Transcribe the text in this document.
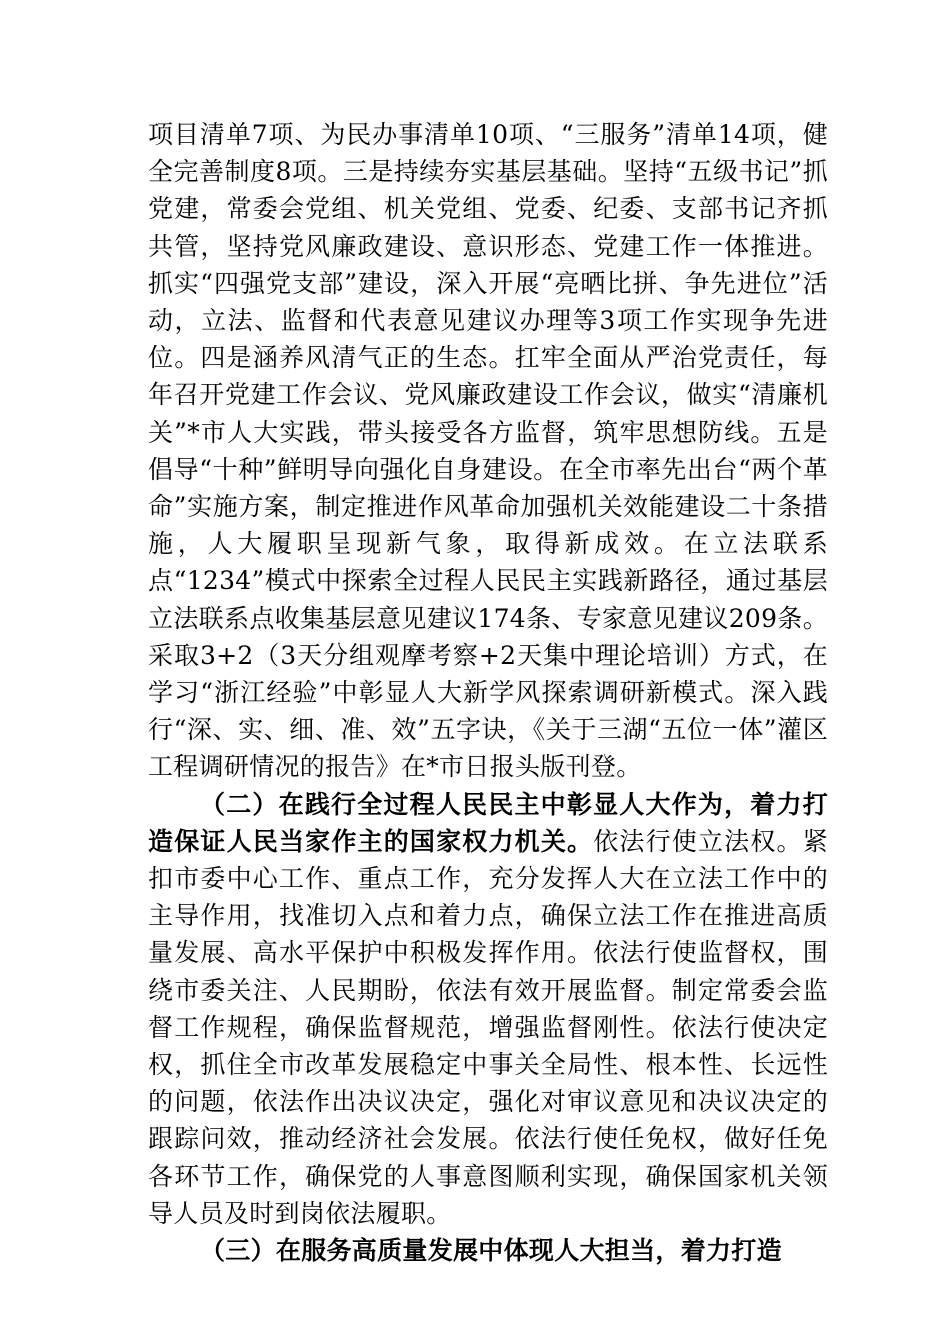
项目清单7项、为民办事清单10项、“三服务”清单14项，健全完善制度8项。三是持续夯实基层基础。坚持“五级书记”抓党建，常委会党组、机关党组、党委、纪委、支部书记齐抓共管，坚持党风廉政建设、意识形态、党建工作一体推进。抓实“四强党支部”建设，深入开展“亮晒比拼、争先进位”活动，立法、监督和代表意见建议办理等3项工作实现争先进位。四是涵养风清气正的生态。扛牢全面从严治党责任，每年召开党建工作会议、党风廉政建设工作会议，做实“清廉机关”*市人大实践，带头接受各方监督，筑牢思想防线。五是倡导“十种”鲜明导向强化自身建设。在全市率先出台“两个革命”实施方案，制定推进作风革命加强机关效能建设二十条措施，人大履职呈现新气象，取得新成效。在立法联系点“1234”模式中探索全过程人民民主实践新路径，通过基层立法联系点收集基层意见建议174条、专家意见建议209条。采取3+2（3天分组观摩考察+2天集中理论培训）方式，在学习“浙江经验”中彰显人大新学风探索调研新模式。深入践行“深、实、细、准、效”五字诀，《关于三湖“五位一体”灌区工程调研情况的报告》在*市日报头版刊登。

（二）在践行全过程人民民主中彰显人大作为，着力打造保证人民当家作主的国家权力机关。依法行使立法权。紧扣市委中心工作、重点工作，充分发挥人大在立法工作中的主导作用，找准切入点和着力点，确保立法工作在推进高质量发展、高水平保护中积极发挥作用。依法行使监督权，围绕市委关注、人民期盼，依法有效开展监督。制定常委会监督工作规程，确保监督规范，增强监督刚性。依法行使决定权，抓住全市改革发展稳定中事关全局性、根本性、长远性的问题，依法作出决议决定，强化对审议意见和决议决定的跟踪问效，推动经济社会发展。依法行使任免权，做好任免各环节工作，确保党的人事意图顺利实现，确保国家机关领导人员及时到岗依法履职。

（三）在服务高质量发展中体现人大担当，着力打造
